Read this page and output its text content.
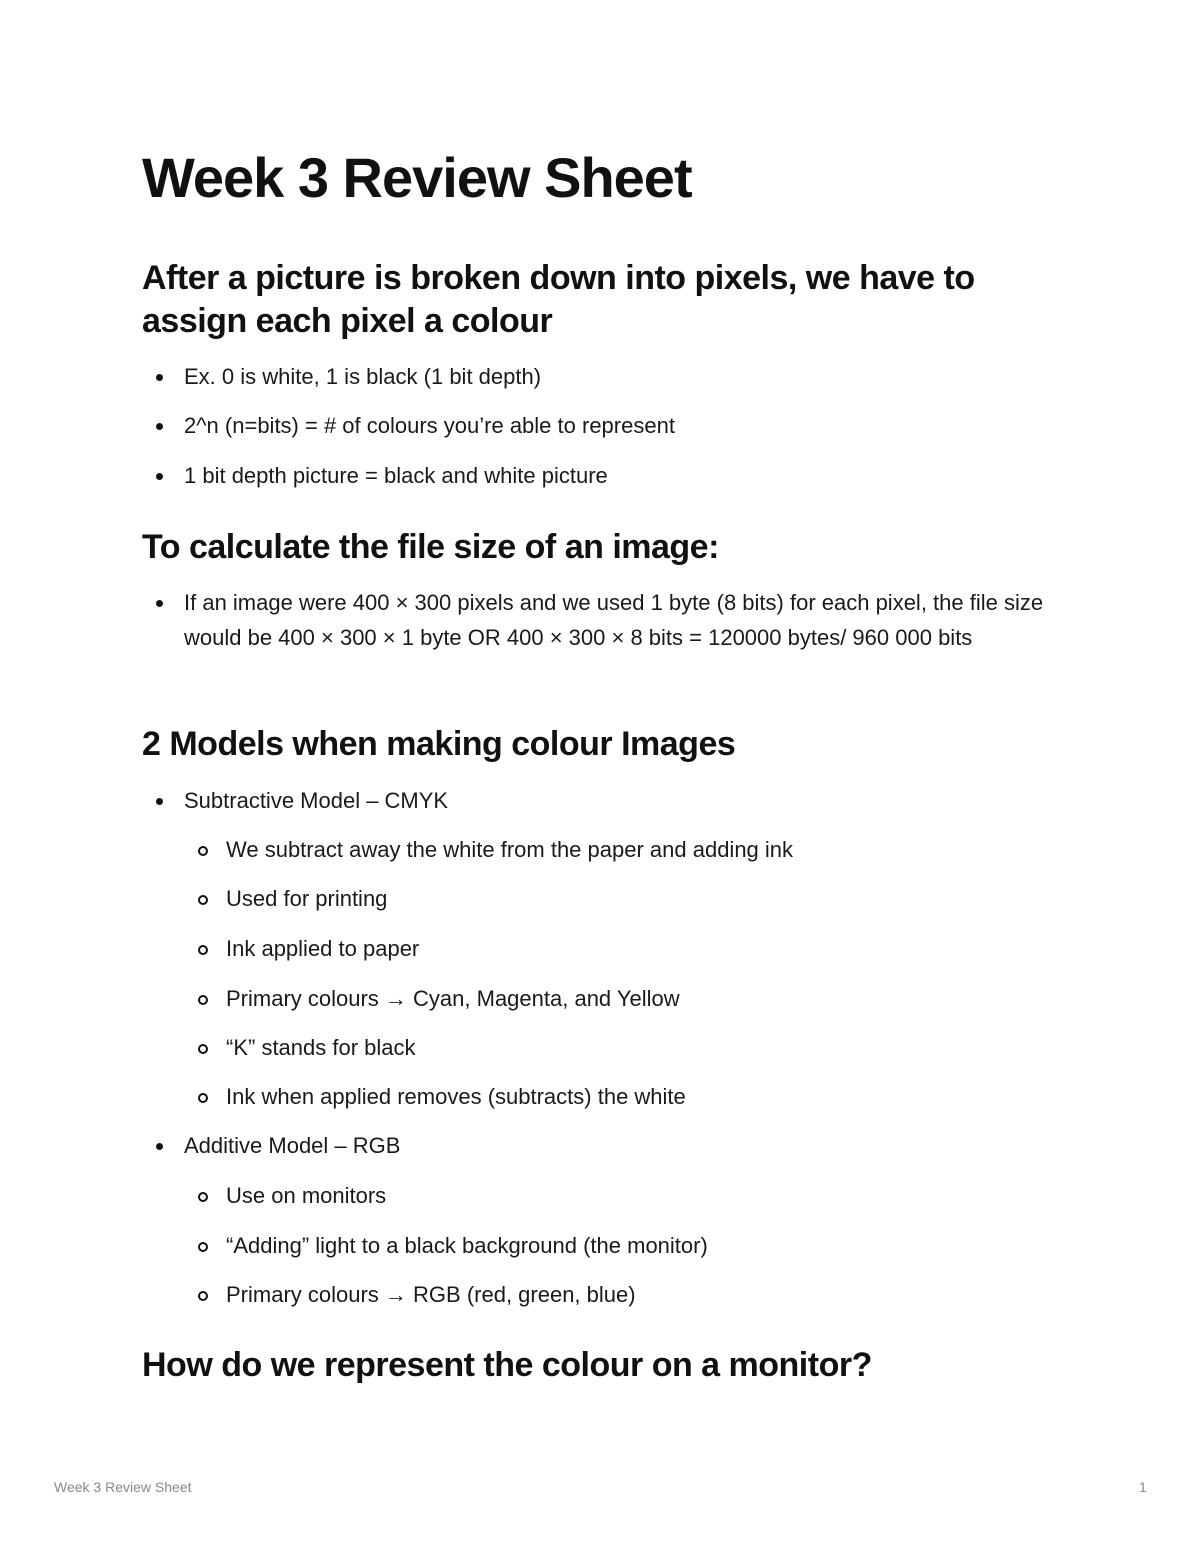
Week 3 Review Sheet
After a picture is broken down into pixels, we have to
assign each pixel a colour
Ex. 0 is white, 1 is black (1 bit depth)
2^n (n=bits) = # of colours you’re able to represent
1 bit depth picture = black and white picture
To calculate the file size of an image:
If an image were 400 × 300 pixels and we used 1 byte (8 bits) for each pixel, the file size would be 400 × 300 × 1 byte OR 400 × 300 × 8 bits = 120000 bytes/ 960 000 bits
2 Models when making colour Images
Subtractive Model – CMYK
We subtract away the white from the paper and adding ink
Used for printing
Ink applied to paper
Primary colours → Cyan, Magenta, and Yellow
“K” stands for black
Ink when applied removes (subtracts) the white
Additive Model – RGB
Use on monitors
“Adding” light to a black background (the monitor)
Primary colours → RGB (red, green, blue)
How do we represent the colour on a monitor?
Week 3 Review Sheet	1
